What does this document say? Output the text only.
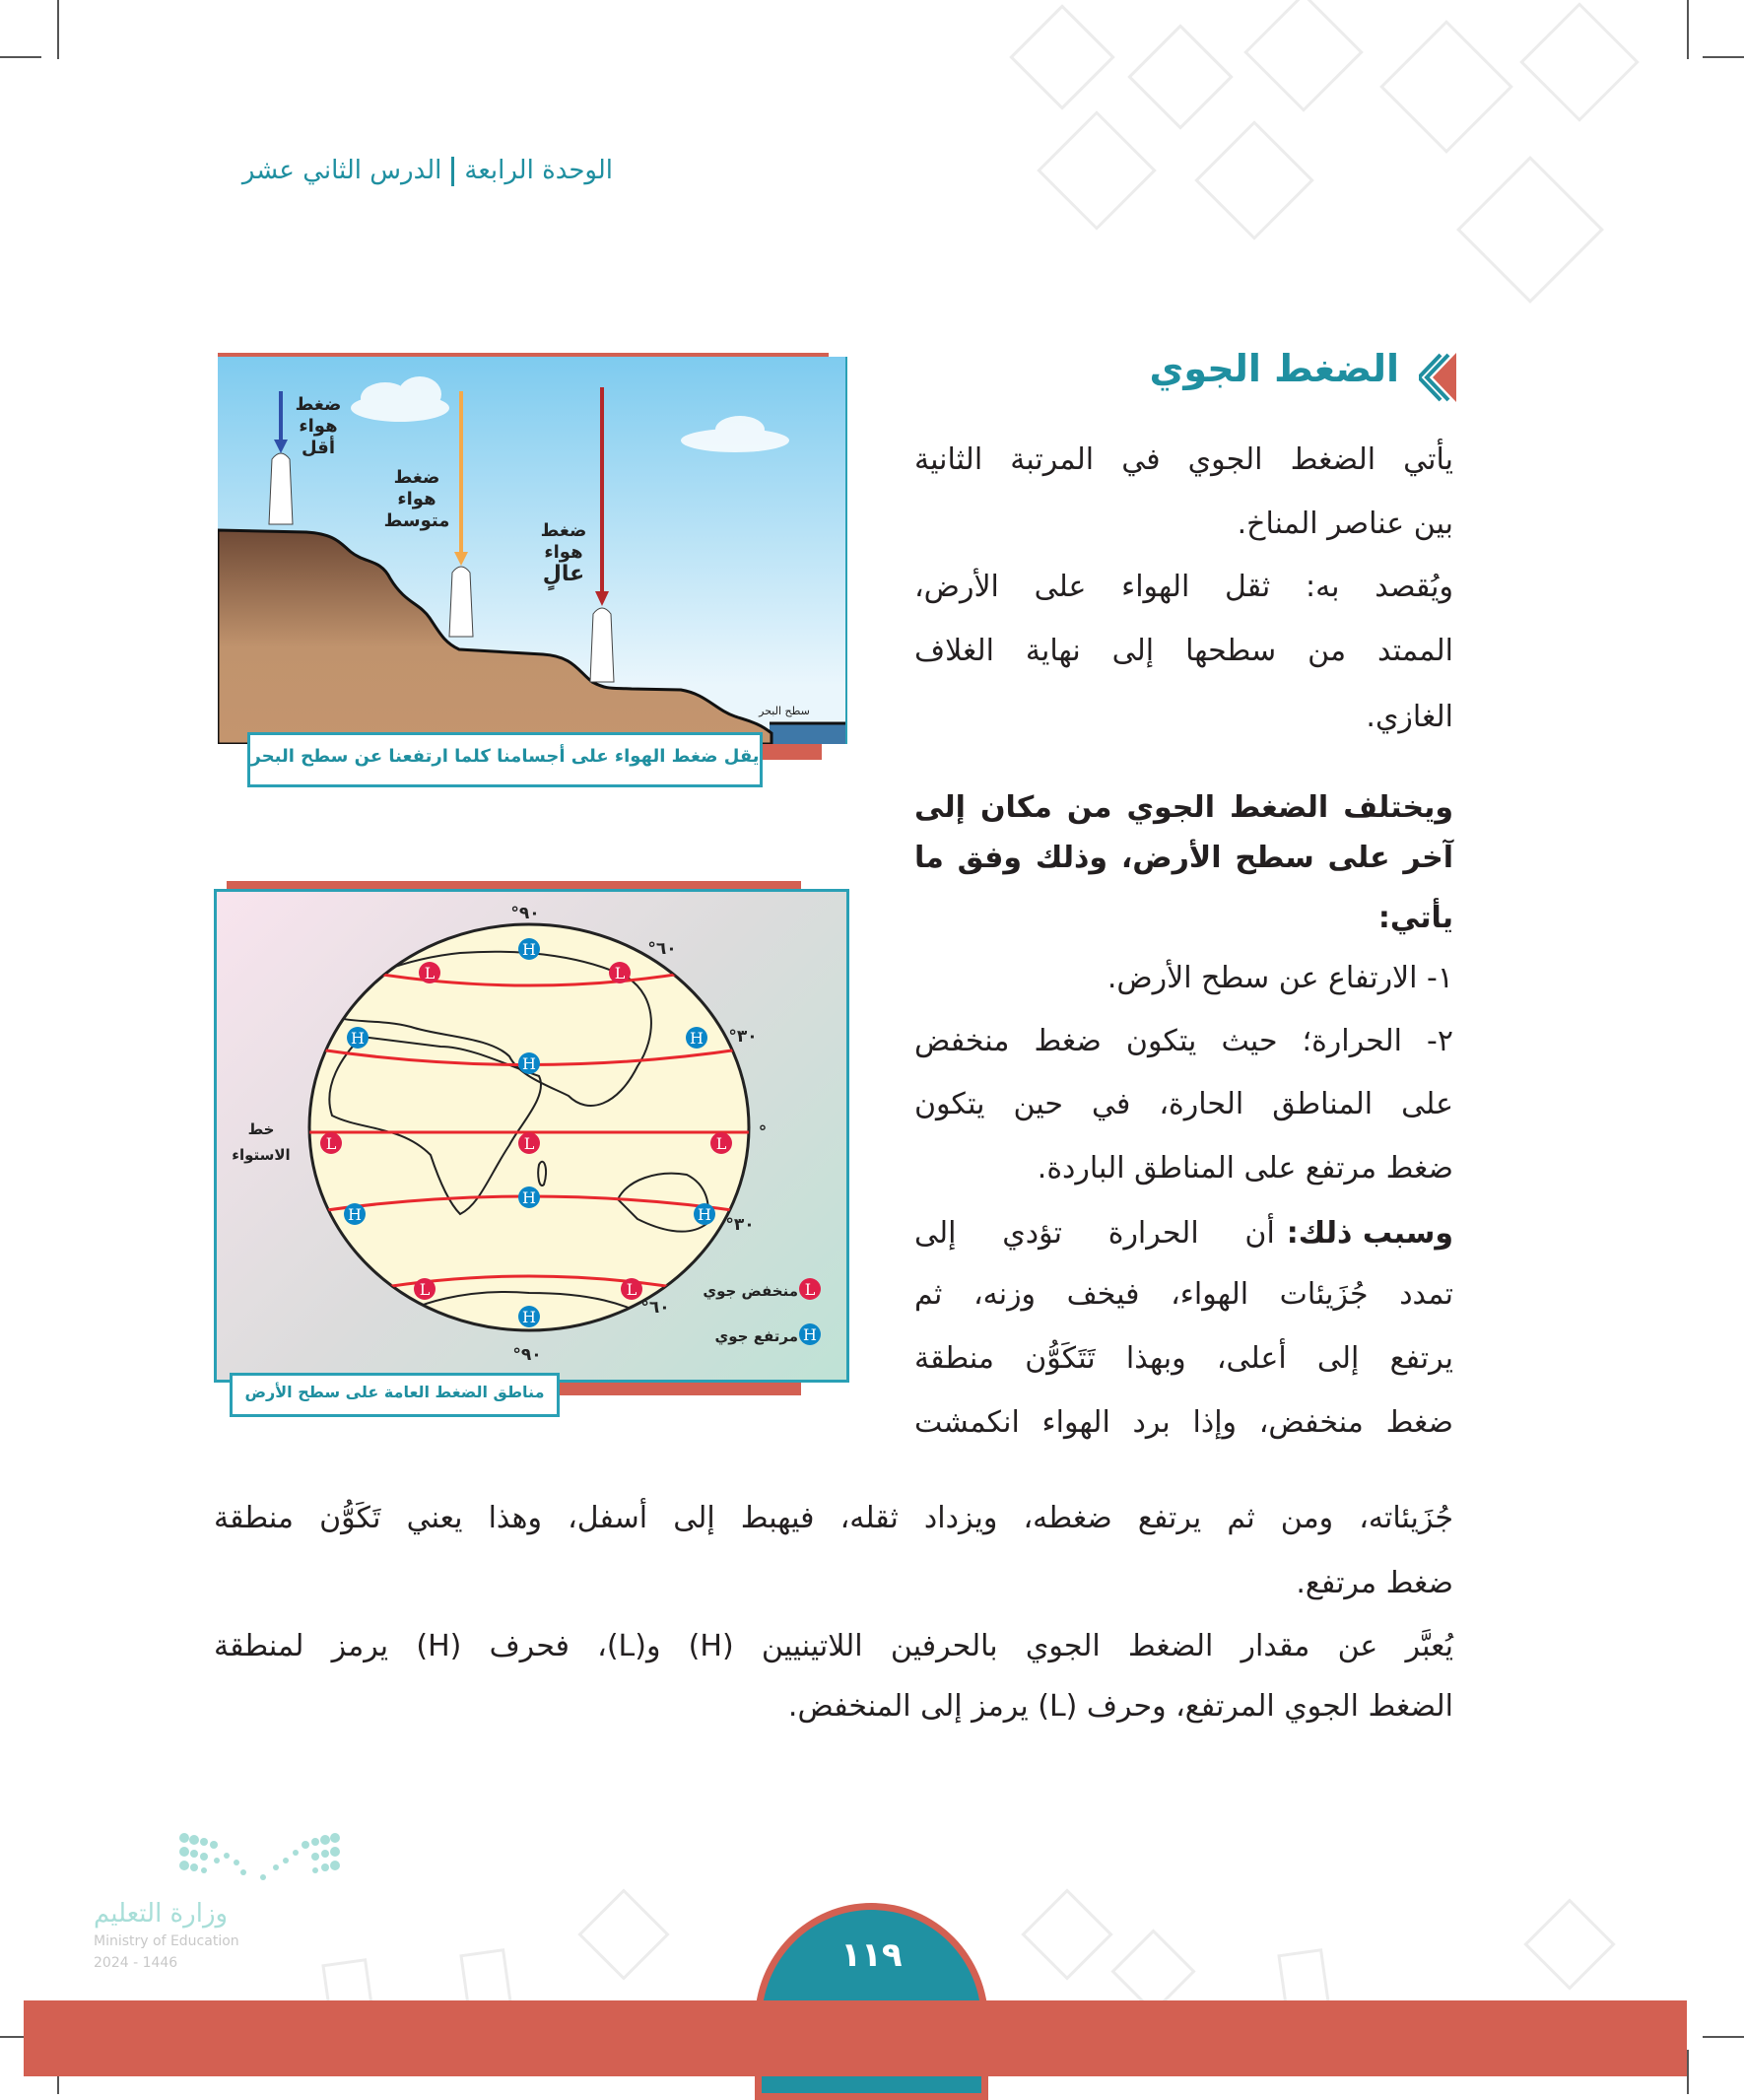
الوحدة الرابعةالدرس الثاني عشر
الضغط الجوي
يأتي الضغط الجوي في المرتبة الثانية
بين عناصر المناخ.
ويُقصد به: ثقل الهواء على الأرض،
الممتد من سطحها إلى نهاية الغلاف
الغازي.
ويختلف الضغط الجوي من مكان إلى
آخر على سطح الأرض، وذلك وفق ما
يأتي:
١- الارتفاع عن سطح الأرض.
٢- الحرارة؛ حيث يتكون ضغط منخفض
على المناطق الحارة، في حين يتكون
ضغط مرتفع على المناطق الباردة.
وسبب ذلك:
أن الحرارة تؤدي إلى
تمدد جُزَيئات الهواء، فيخف وزنه، ثم
يرتفع إلى أعلى، وبهذا تَتَكَوُّن منطقة
ضغط منخفض، وإذا برد الهواء انكمشت
جُزَيئاته، ومن ثم يرتفع ضغطه، ويزداد ثقله، فيهبط إلى أسفل، وهذا يعني تَكَوُّن منطقة
ضغط مرتفع.
يُعبَّر عن مقدار الضغط الجوي بالحرفين اللاتينيين (H) و(L)، فحرف (H) يرمز لمنطقة
الضغط الجوي المرتفع، وحرف (L) يرمز إلى المنخفض.
ضغط
هواء
أقل
ضغط
هواء
متوسط	ضغط
هواء
عالٍ
سطح البحر
يقل ضغط الهواء على أجسامنا كلما ارتفعنا عن سطح البحر
H
L	L
H
H
H
L	L	L
H
H
H
L	L
H
L
H
°٩٠
°٦٠
°٣٠
°
°٣٠
°٦٠
°٩٠
خط
الاستواء
منخفض جوي
مرتفع جوي
مناطق الضغط العامة على سطح الأرض
١١٩
وزارة التعليم
Ministry of Education
2024 - 1446
